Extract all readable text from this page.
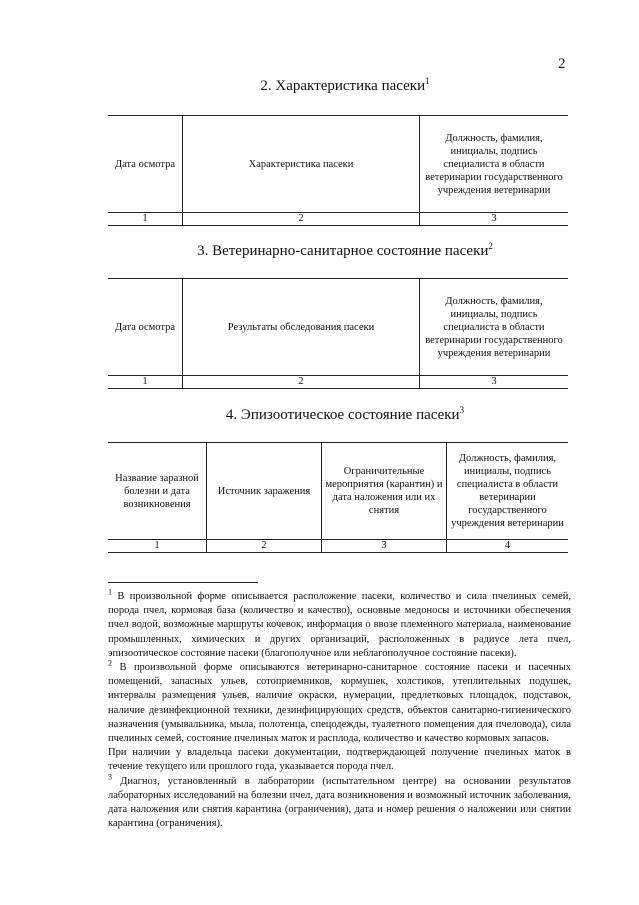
2
2. Характеристика пасеки$^1$
Дата осмотра	Характеристика пасеки	Должность, фамилия, инициалы, подпись специалиста в области ветеринарии государственного учреждения ветеринарии
1	2	3
3. Ветеринарно-санитарное состояние пасеки$^2$
Дата осмотра	Результаты обследования пасеки	Должность, фамилия, инициалы, подпись специалиста в области ветеринарии государственного учреждения ветеринарии
1	2	3
4. Эпизоотическое состояние пасеки$^3$
Название заразной болезни и дата возникновения	Источник заражения	Ограничительные мероприятия (карантин) и дата наложения или их снятия	Должность, фамилия, инициалы, подпись специалиста в области ветеринарии государственного учреждения ветеринарии
1	2	3	4

$^1$ В произвольной форме описывается расположение пасеки, количество и сила пчелиных семей, порода пчел, кормовая база (количество и качество), основные медоносы и источники обеспечения пчел водой, возможные маршруты кочевок, информация о ввозе племенного материала, наименование промышленных, химических и других организаций, расположенных в радиусе лета пчел, эпизоотическое состояние пасеки (благополучное или неблагополучное состояние пасеки).

$^2$ В произвольной форме описываются ветеринарно-санитарное состояние пасеки и пасечных помещений, запасных ульев, сотоприемников, кормушек, холстиков, утеплительных подушек, интервалы размещения ульев, наличие окраски, нумерации, предлетковых площадок, подставок, наличие дезинфекционной техники, дезинфицирующих средств, объектов санитарно-гигиенического назначения (умывальника, мыла, полотенца, спецодежды, туалетного помещения для пчеловода), сила пчелиных семей, состояние пчелиных маток и расплода, количество и качество кормовых запасов.

При наличии у владельца пасеки документации, подтверждающей получение пчелиных маток в течение текущего или прошлого года, указывается порода пчел.

$^3$ Диагноз, установленный в лаборатории (испытательном центре) на основании результатов лабораторных исследований на болезни пчел, дата возникновения и возможный источник заболевания, дата наложения или снятия карантина (ограничения), дата и номер решения о наложении или снятии карантина (ограничения).
